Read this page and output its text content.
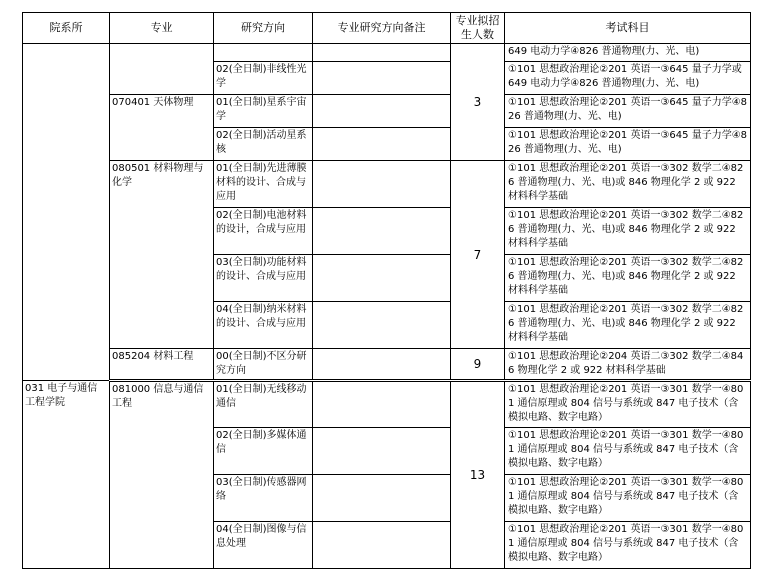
院系所	专业	研究方向	专业研究方向备注	专业拟招生人数	考试科目
				3	649 电动力学④826 普通物理(力、光、电)
		02(全日制)非线性光学			①101 思想政治理论②201 英语一③645 量子力学或 649 电动力学④826 普通物理(力、光、电)
	070401 天体物理	01(全日制)星系宇宙学			①101 思想政治理论②201 英语一③645 量子力学④826 普通物理(力、光、电)
		02(全日制)活动星系核			①101 思想政治理论②201 英语一③645 量子力学④826 普通物理(力、光、电)
	080501 材料物理与化学	01(全日制)先进薄膜材料的设计、合成与应用		7	①101 思想政治理论②201 英语一③302 数学二④826 普通物理(力、光、电)或 846 物理化学 2 或 922 材料科学基础
		02(全日制)电池材料的设计，合成与应用			①101 思想政治理论②201 英语一③302 数学二④826 普通物理(力、光、电)或 846 物理化学 2 或 922 材料科学基础
		03(全日制)功能材料的设计、合成与应用			①101 思想政治理论②201 英语一③302 数学二④826 普通物理(力、光、电)或 846 物理化学 2 或 922 材料科学基础
		04(全日制)纳米材料的设计、合成与应用			①101 思想政治理论②201 英语一③302 数学二④826 普通物理(力、光、电)或 846 物理化学 2 或 922 材料科学基础
	085204 材料工程	00(全日制)不区分研究方向		9	①101 思想政治理论②204 英语二③302 数学二④846 物理化学 2 或 922 材料科学基础
031 电子与通信工程学院	081000 信息与通信工程	01(全日制)无线移动通信		13	①101 思想政治理论②201 英语一③301 数学一④801 通信原理或 804 信号与系统或 847 电子技术（含模拟电路、数字电路）
		02(全日制)多媒体通信			①101 思想政治理论②201 英语一③301 数学一④801 通信原理或 804 信号与系统或 847 电子技术（含模拟电路、数字电路）
		03(全日制)传感器网络			①101 思想政治理论②201 英语一③301 数学一④801 通信原理或 804 信号与系统或 847 电子技术（含模拟电路、数字电路）
		04(全日制)图像与信息处理			①101 思想政治理论②201 英语一③301 数学一④801 通信原理或 804 信号与系统或 847 电子技术（含模拟电路、数字电路）
